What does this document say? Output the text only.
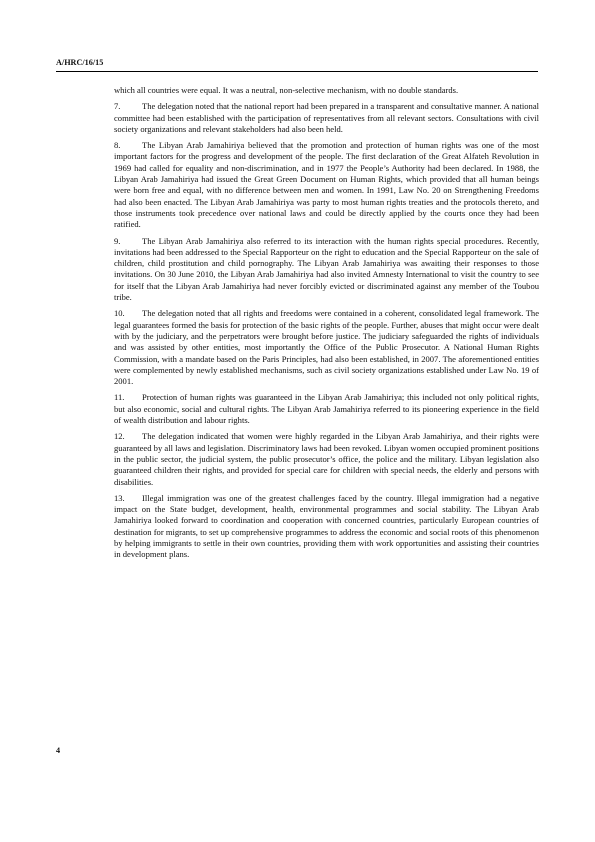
A/HRC/16/15

which all countries were equal. It was a neutral, non-selective mechanism, with no double standards.

7.	The delegation noted that the national report had been prepared in a transparent and consultative manner. A national committee had been established with the participation of representatives from all relevant sectors. Consultations with civil society organizations and relevant stakeholders had also been held.

8.	The Libyan Arab Jamahiriya believed that the promotion and protection of human rights was one of the most important factors for the progress and development of the people. The first declaration of the Great Alfateh Revolution in 1969 had called for equality and non-discrimination, and in 1977 the People’s Authority had been declared. In 1988, the Libyan Arab Jamahiriya had issued the Great Green Document on Human Rights, which provided that all human beings were born free and equal, with no difference between men and women. In 1991, Law No. 20 on Strengthening Freedoms had also been enacted. The Libyan Arab Jamahiriya was party to most human rights treaties and the protocols thereto, and those instruments took precedence over national laws and could be directly applied by the courts once they had been ratified.

9.	The Libyan Arab Jamahiriya also referred to its interaction with the human rights special procedures. Recently, invitations had been addressed to the Special Rapporteur on the right to education and the Special Rapporteur on the sale of children, child prostitution and child pornography. The Libyan Arab Jamahiriya was awaiting their responses to those invitations. On 30 June 2010, the Libyan Arab Jamahiriya had also invited Amnesty International to visit the country to see for itself that the Libyan Arab Jamahiriya had never forcibly evicted or discriminated against any member of the Toubou tribe.

10. The delegation noted that all rights and freedoms were contained in a coherent, consolidated legal framework. The legal guarantees formed the basis for protection of the basic rights of the people. Further, abuses that might occur were dealt with by the judiciary, and the perpetrators were brought before justice. The judiciary safeguarded the rights of individuals and was assisted by other entities, most importantly the Office of the Public Prosecutor. A National Human Rights Commission, with a mandate based on the Paris Principles, had also been established, in 2007. The aforementioned entities were complemented by newly established mechanisms, such as civil society organizations established under Law No. 19 of 2001.

11. Protection of human rights was guaranteed in the Libyan Arab Jamahiriya; this included not only political rights, but also economic, social and cultural rights. The Libyan Arab Jamahiriya referred to its pioneering experience in the field of wealth distribution and labour rights.

12. The delegation indicated that women were highly regarded in the Libyan Arab Jamahiriya, and their rights were guaranteed by all laws and legislation. Discriminatory laws had been revoked. Libyan women occupied prominent positions in the public sector, the judicial system, the public prosecutor’s office, the police and the military. Libyan legislation also guaranteed children their rights, and provided for special care for children with special needs, the elderly and persons with disabilities.

13. Illegal immigration was one of the greatest challenges faced by the country. Illegal immigration had a negative impact on the State budget, development, health, environmental programmes and social stability. The Libyan Arab Jamahiriya looked forward to coordination and cooperation with concerned countries, particularly European countries of destination for migrants, to set up comprehensive programmes to address the economic and social roots of this phenomenon by helping immigrants to settle in their own countries, providing them with work opportunities and assisting their countries in development plans.

4
